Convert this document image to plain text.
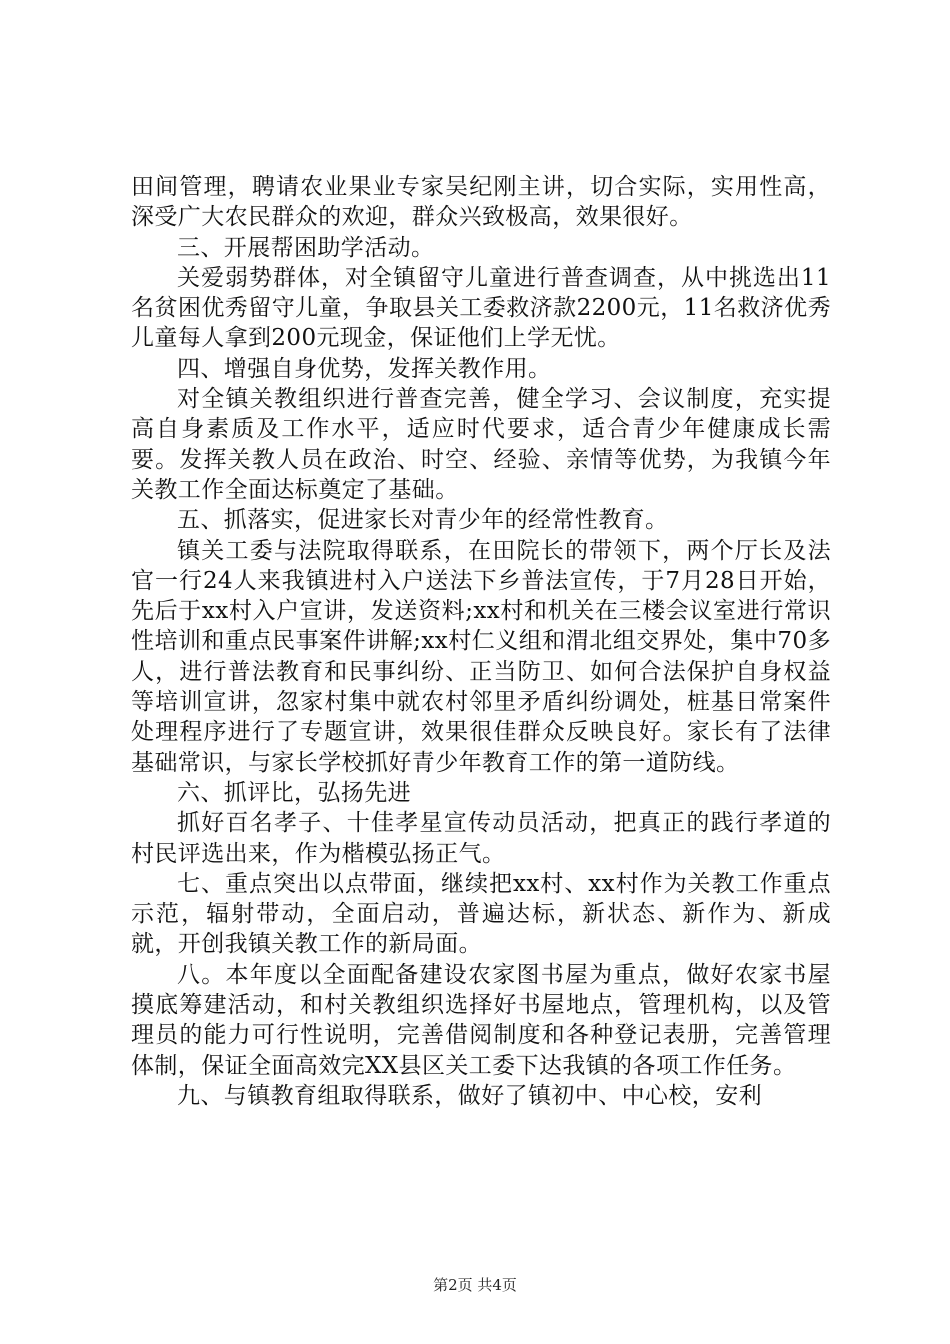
田间管理，聘请农业果业专家吴纪刚主讲，切合实际，实用性高，深受广大农民群众的欢迎，群众兴致极高，效果很好。

三、开展帮困助学活动。

关爱弱势群体，对全镇留守儿童进行普查调查，从中挑选出11名贫困优秀留守儿童，争取县关工委救济款2200元，11名救济优秀儿童每人拿到200元现金，保证他们上学无忧。

四、增强自身优势，发挥关教作用。

对全镇关教组织进行普查完善，健全学习、会议制度，充实提高自身素质及工作水平，适应时代要求，适合青少年健康成长需要。发挥关教人员在政治、时空、经验、亲情等优势，为我镇今年关教工作全面达标奠定了基础。

五、抓落实，促进家长对青少年的经常性教育。

镇关工委与法院取得联系，在田院长的带领下，两个厅长及法官一行24人来我镇进村入户送法下乡普法宣传，于7月28日开始，先后于xx村入户宣讲，发送资料;xx村和机关在三楼会议室进行常识性培训和重点民事案件讲解;xx村仁义组和渭北组交界处，集中70多人，进行普法教育和民事纠纷、正当防卫、如何合法保护自身权益等培训宣讲，忽家村集中就农村邻里矛盾纠纷调处，桩基日常案件处理程序进行了专题宣讲，效果很佳群众反映良好。家长有了法律基础常识，与家长学校抓好青少年教育工作的第一道防线。

六、抓评比，弘扬先进

抓好百名孝子、十佳孝星宣传动员活动，把真正的践行孝道的村民评选出来，作为楷模弘扬正气。

七、重点突出以点带面，继续把xx村、xx村作为关教工作重点示范，辐射带动，全面启动，普遍达标，新状态、新作为、新成就，开创我镇关教工作的新局面。

八。本年度以全面配备建设农家图书屋为重点，做好农家书屋摸底筹建活动，和村关教组织选择好书屋地点，管理机构，以及管理员的能力可行性说明，完善借阅制度和各种登记表册，完善管理体制，保证全面高效完XX县区关工委下达我镇的各项工作任务。

九、与镇教育组取得联系，做好了镇初中、中心校，安利

第2页 共4页
